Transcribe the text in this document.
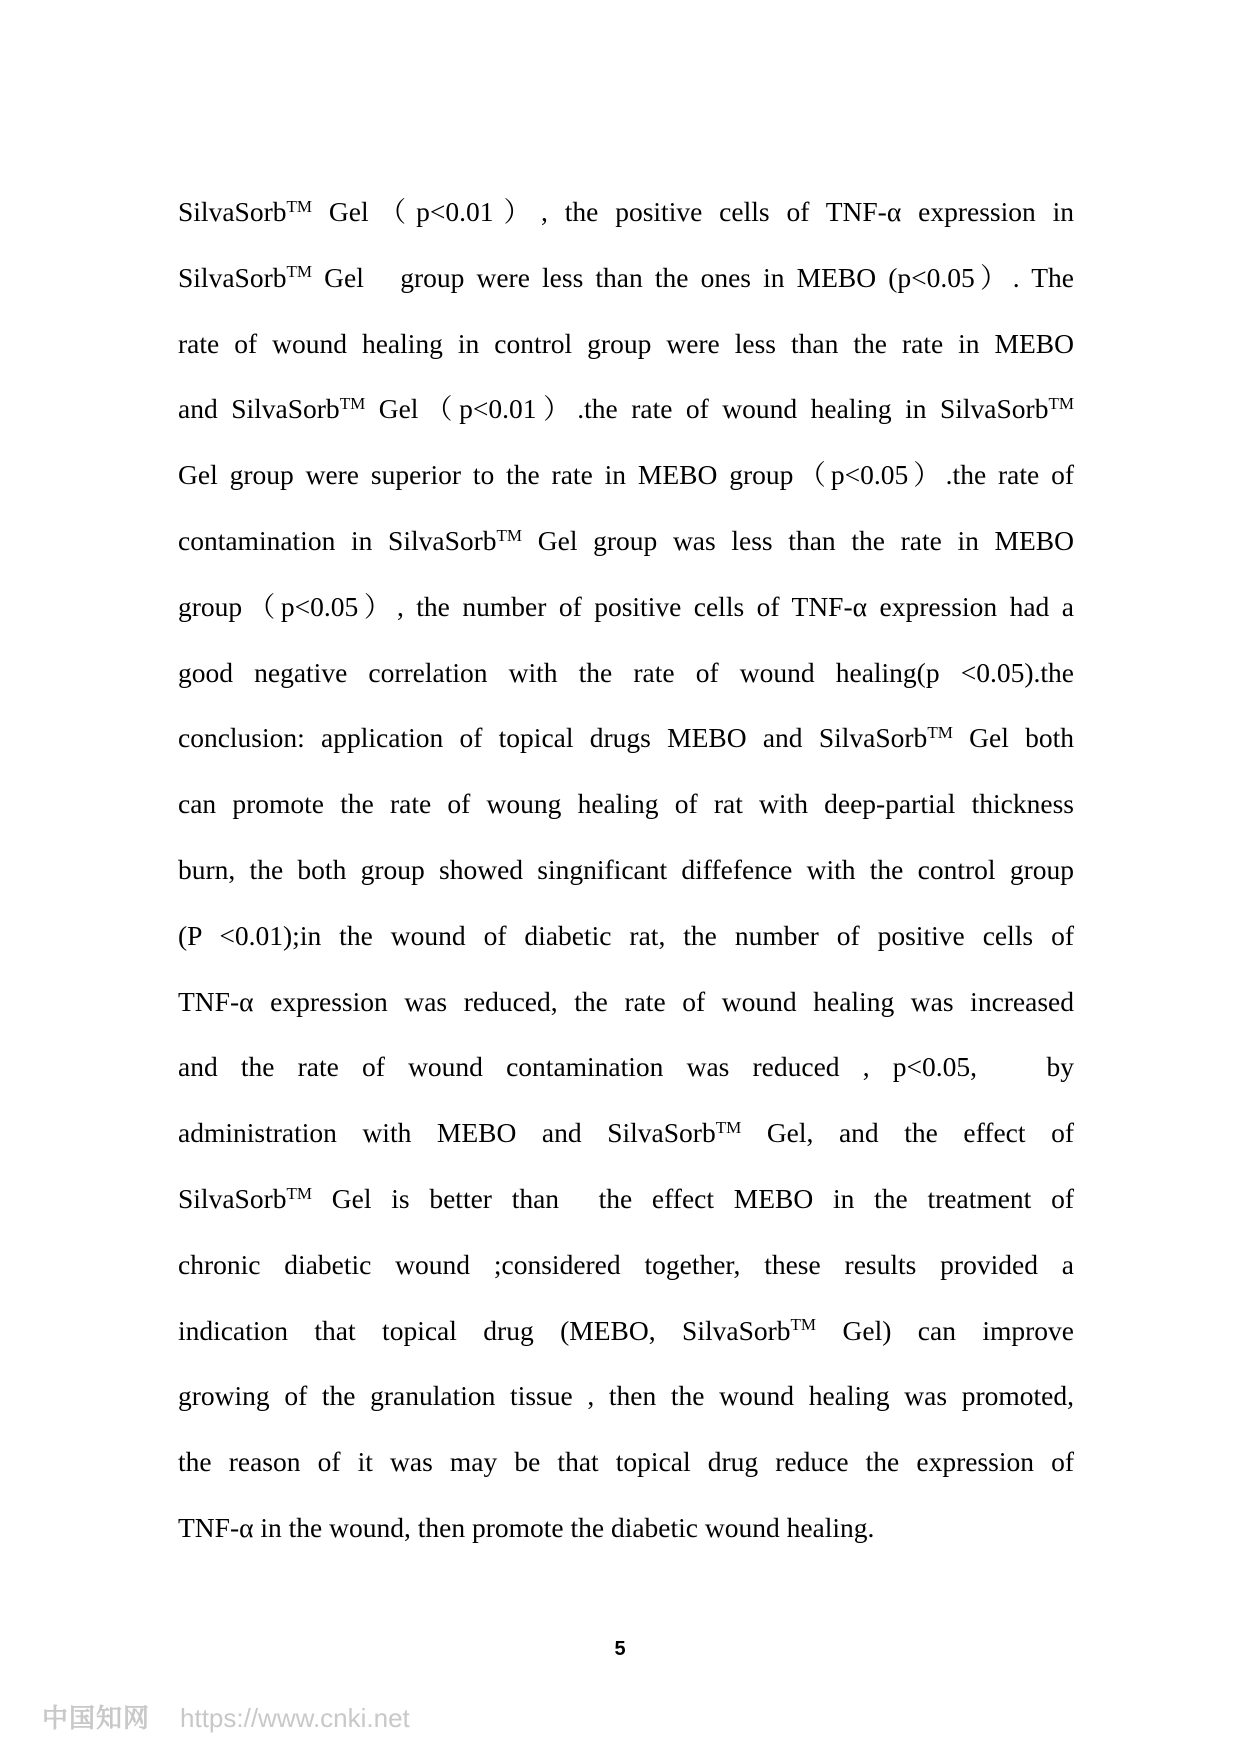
SilvaSorb™ Gel（p<0.01）, the positive cells of TNF-α expression in
SilvaSorb™ Gel   group were less than the ones in MEBO (p<0.05）. The
rate of wound healing in control group were less than the rate in MEBO
and SilvaSorb™ Gel（p<0.01）.the rate of wound healing in SilvaSorb™
Gel group were superior to the rate in MEBO group（p<0.05）.the rate of
contamination in SilvaSorb™ Gel group was less than the rate in MEBO
group（p<0.05）, the number of positive cells of TNF-α expression had a
good negative correlation with the rate of wound healing(p <0.05).the
conclusion: application of topical drugs MEBO and SilvaSorb™ Gel both
can promote the rate of woung healing of rat with deep-partial thickness
burn, the both group showed singnificant diffefence with the control group
(P <0.01);in the wound of diabetic rat, the number of positive cells of
TNF-α expression was reduced, the rate of wound healing was increased
and the rate of wound contamination was reduced , p<0.05,   by
administration with MEBO and SilvaSorb™ Gel, and the effect of
SilvaSorb™ Gel is better than  the effect MEBO in the treatment of
chronic diabetic wound ;considered together, these results provided a
indication that topical drug (MEBO, SilvaSorb™ Gel) can improve
growing of the granulation tissue , then the wound healing was promoted,
the reason of it was may be that topical drug reduce the expression of
TNF-α in the wound, then promote the diabetic wound healing.
5
中国知网 https://www.cnki.net
